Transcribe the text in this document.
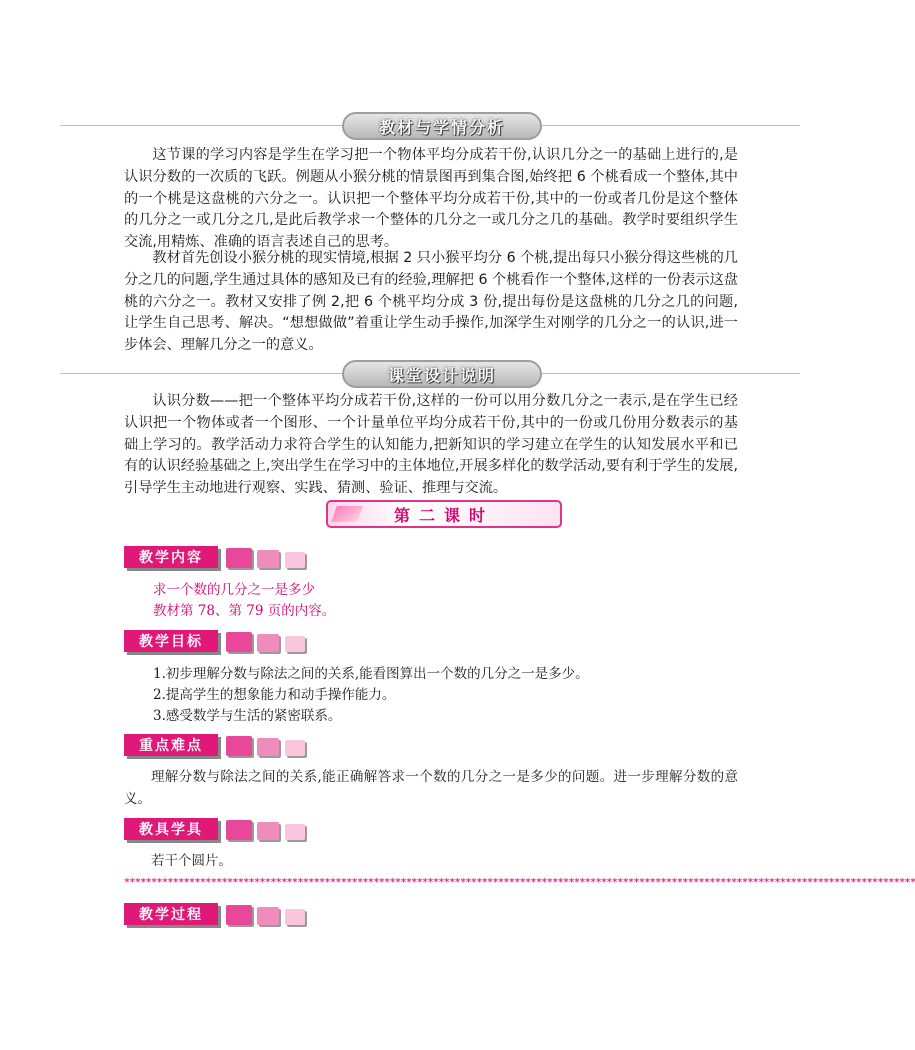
教材与学情分析
这节课的学习内容是学生在学习把一个物体平均分成若干份,认识几分之一的基础上进行的,是认识分数的一次质的飞跃。例题从小猴分桃的情景图再到集合图,始终把 6 个桃看成一个整体,其中的一个桃是这盘桃的六分之一。认识把一个整体平均分成若干份,其中的一份或者几份是这个整体的几分之一或几分之几,是此后教学求一个整体的几分之一或几分之几的基础。教学时要组织学生交流,用精炼、准确的语言表述自己的思考。
教材首先创设小猴分桃的现实情境,根据 2 只小猴平均分 6 个桃,提出每只小猴分得这些桃的几分之几的问题,学生通过具体的感知及已有的经验,理解把 6 个桃看作一个整体,这样的一份表示这盘桃的六分之一。教材又安排了例 2,把 6 个桃平均分成 3 份,提出每份是这盘桃的几分之几的问题,让学生自己思考、解决。“想想做做”着重让学生动手操作,加深学生对刚学的几分之一的认识,进一步体会、理解几分之一的意义。
课堂设计说明
认识分数——把一个整体平均分成若干份,这样的一份可以用分数几分之一表示,是在学生已经认识把一个物体或者一个图形、一个计量单位平均分成若干份,其中的一份或几份用分数表示的基础上学习的。教学活动力求符合学生的认知能力,把新知识的学习建立在学生的认知发展水平和已有的认识经验基础之上,突出学生在学习中的主体地位,开展多样化的数学活动,要有利于学生的发展,引导学生主动地进行观察、实践、猜测、验证、推理与交流。
第二课时
教学内容
求一个数的几分之一是多少
教材第 78、第 79 页的内容。
教学目标
1.初步理解分数与除法之间的关系,能看图算出一个数的几分之一是多少。
2.提高学生的想象能力和动手操作能力。
3.感受数学与生活的紧密联系。
重点难点
理解分数与除法之间的关系,能正确解答求一个数的几分之一是多少的问题。进一步理解分数的意义。
教具学具
若干个圆片。
**************************************************************************************************************************************************
教学过程
